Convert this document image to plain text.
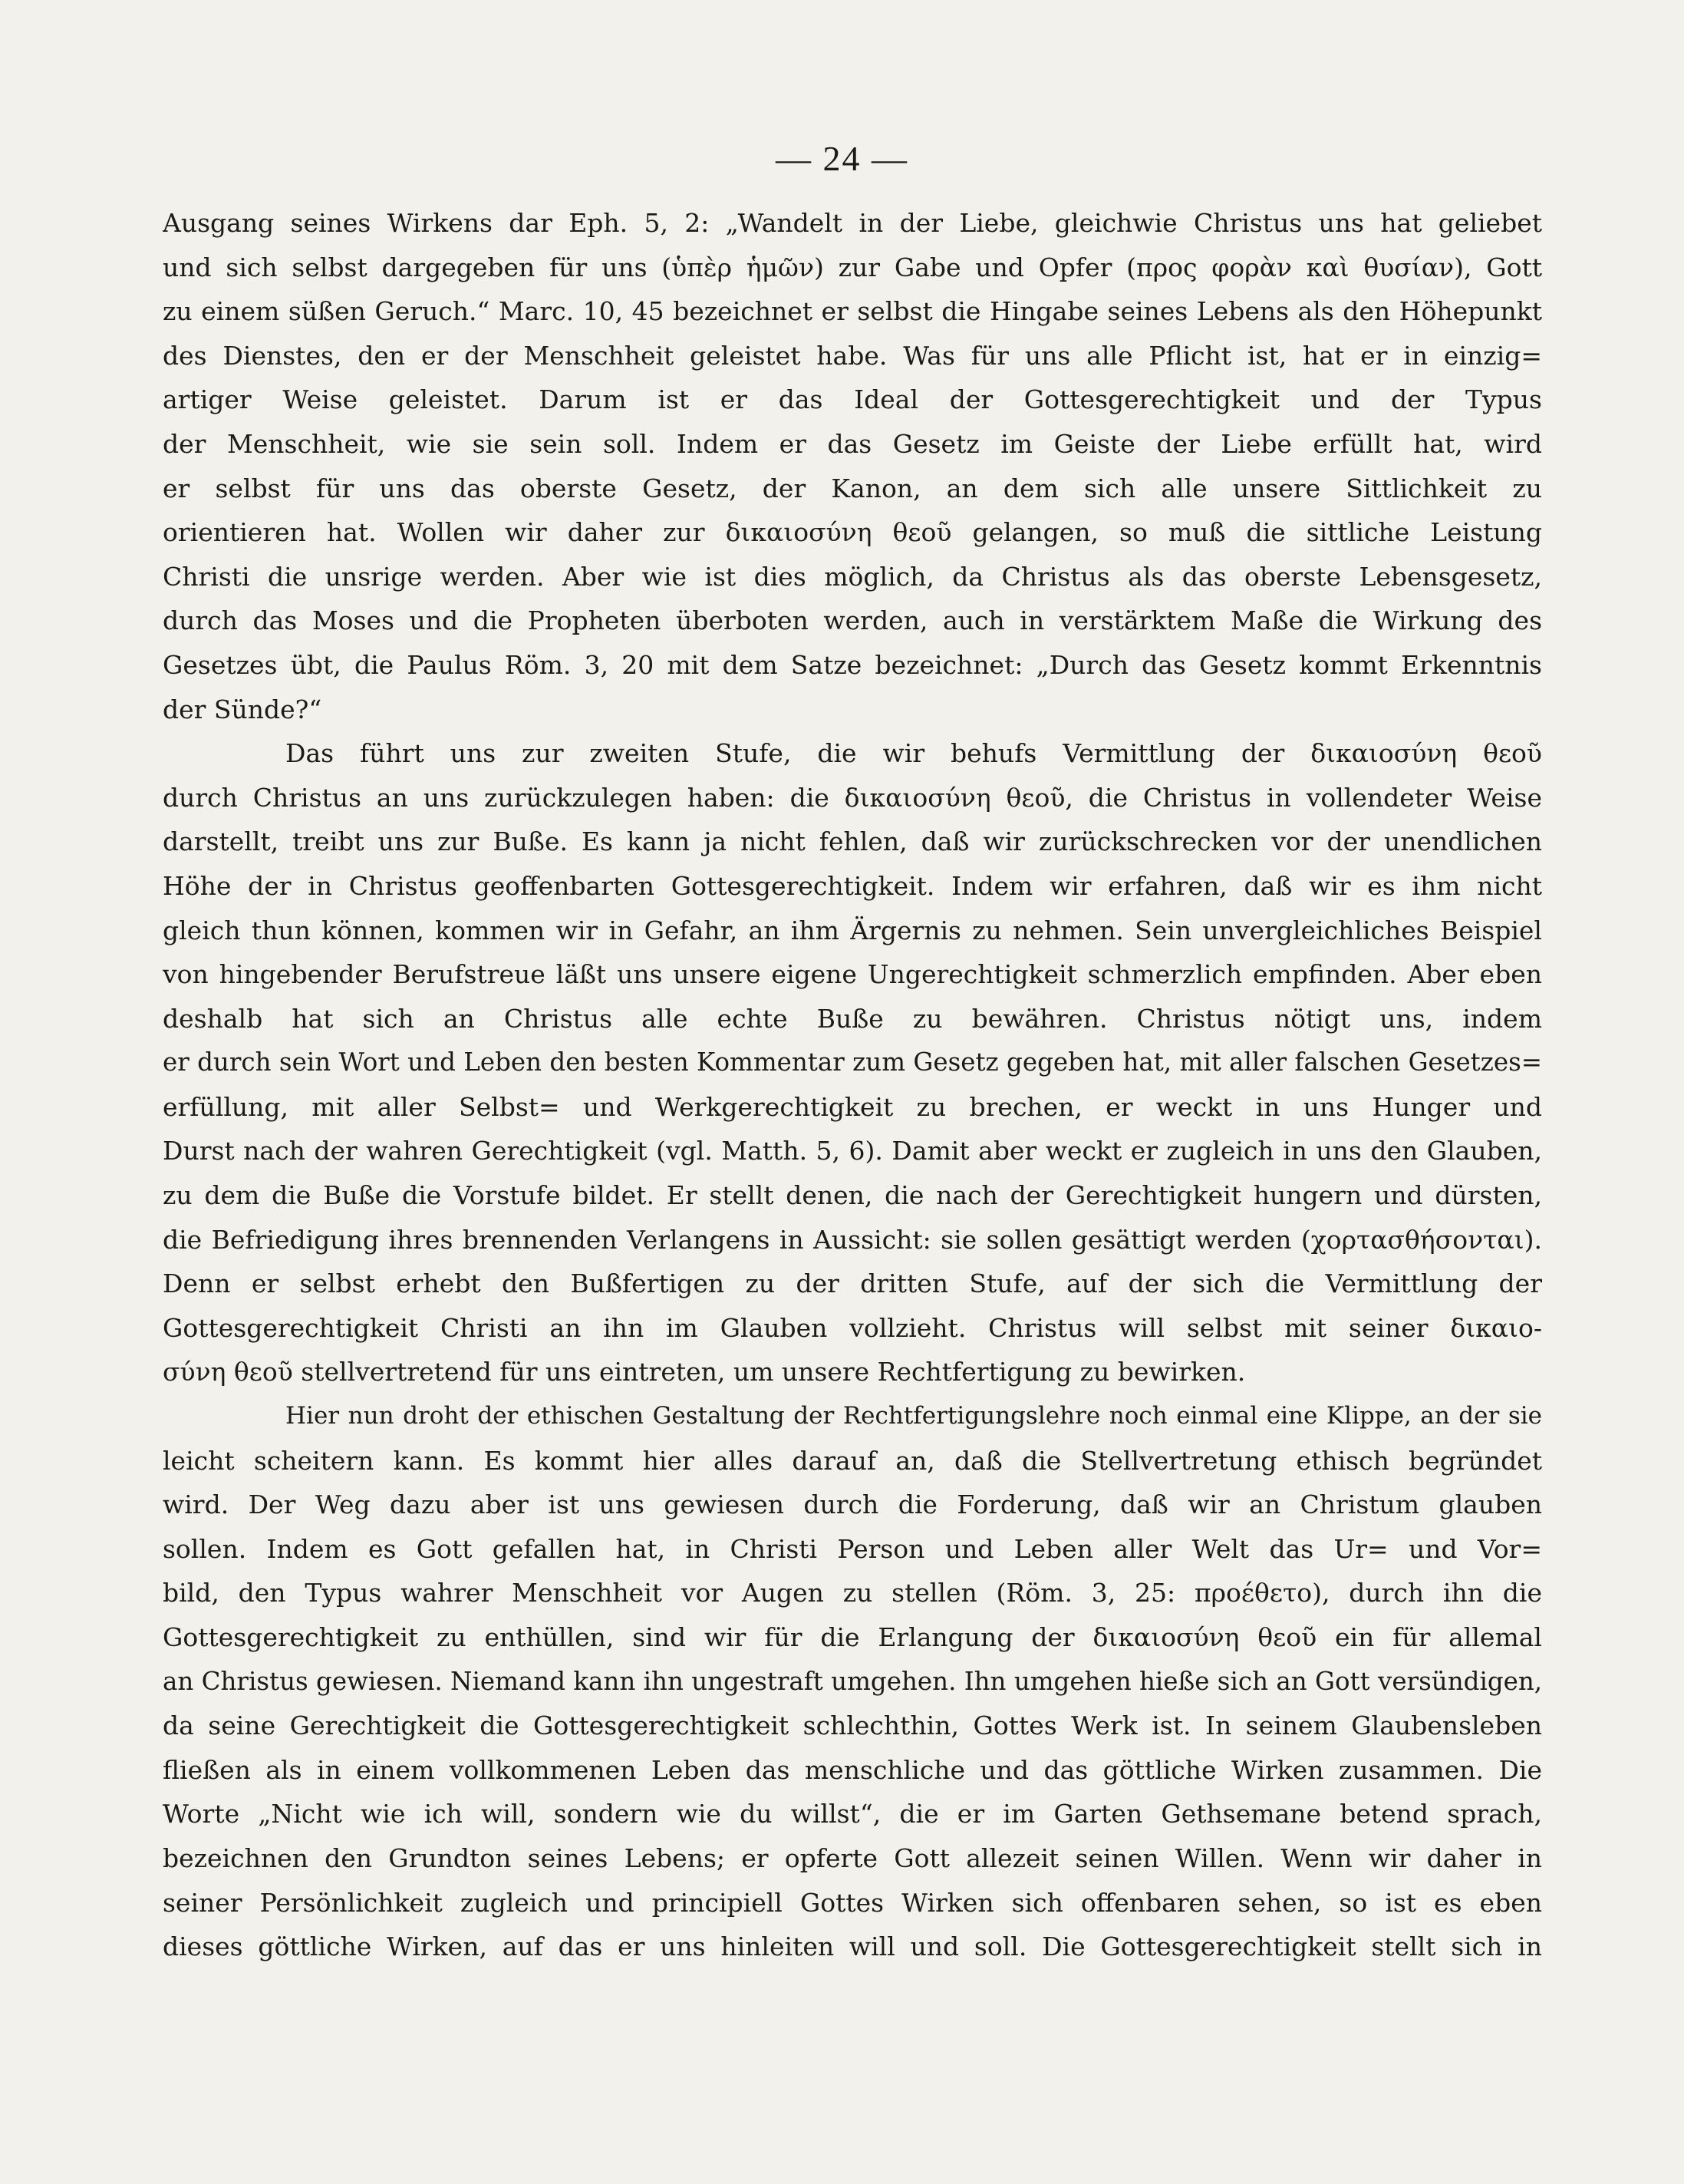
— 24 —
Ausgang seines Wirkens dar Eph. 5, 2: „Wandelt in der Liebe, gleichwie Christus uns hat geliebet
und sich selbst dargegeben für uns (ὑπὲρ ἡμῶν) zur Gabe und Opfer (προς φορὰν καὶ θυσίαν), Gott
zu einem süßen Geruch.“ Marc. 10, 45 bezeichnet er selbst die Hingabe seines Lebens als den Höhepunkt
des Dienstes, den er der Menschheit geleistet habe. Was für uns alle Pflicht ist, hat er in einzig=
artiger Weise geleistet. Darum ist er das Ideal der Gottesgerechtigkeit und der Typus
der Menschheit, wie sie sein soll. Indem er das Gesetz im Geiste der Liebe erfüllt hat, wird
er selbst für uns das oberste Gesetz, der Kanon, an dem sich alle unsere Sittlichkeit zu
orientieren hat. Wollen wir daher zur δικαιοσύνη θεοῦ gelangen, so muß die sittliche Leistung
Christi die unsrige werden. Aber wie ist dies möglich, da Christus als das oberste Lebensgesetz,
durch das Moses und die Propheten überboten werden, auch in verstärktem Maße die Wirkung des
Gesetzes übt, die Paulus Röm. 3, 20 mit dem Satze bezeichnet: „Durch das Gesetz kommt Erkenntnis
der Sünde?“
Das führt uns zur zweiten Stufe, die wir behufs Vermittlung der δικαιοσύνη θεοῦ
durch Christus an uns zurückzulegen haben: die δικαιοσύνη θεοῦ, die Christus in vollendeter Weise
darstellt, treibt uns zur Buße. Es kann ja nicht fehlen, daß wir zurückschrecken vor der unendlichen
Höhe der in Christus geoffenbarten Gottesgerechtigkeit. Indem wir erfahren, daß wir es ihm nicht
gleich thun können, kommen wir in Gefahr, an ihm Ärgernis zu nehmen. Sein unvergleichliches Beispiel
von hingebender Berufstreue läßt uns unsere eigene Ungerechtigkeit schmerzlich empfinden. Aber eben
deshalb hat sich an Christus alle echte Buße zu bewähren. Christus nötigt uns, indem
er durch sein Wort und Leben den besten Kommentar zum Gesetz gegeben hat, mit aller falschen Gesetzes=
erfüllung, mit aller Selbst= und Werkgerechtigkeit zu brechen, er weckt in uns Hunger und
Durst nach der wahren Gerechtigkeit (vgl. Matth. 5, 6). Damit aber weckt er zugleich in uns den Glauben,
zu dem die Buße die Vorstufe bildet. Er stellt denen, die nach der Gerechtigkeit hungern und dürsten,
die Befriedigung ihres brennenden Verlangens in Aussicht: sie sollen gesättigt werden (χορτασθήσονται).
Denn er selbst erhebt den Bußfertigen zu der dritten Stufe, auf der sich die Vermittlung der
Gottesgerechtigkeit Christi an ihn im Glauben vollzieht. Christus will selbst mit seiner δικαιο-
σύνη θεοῦ stellvertretend für uns eintreten, um unsere Rechtfertigung zu bewirken.
Hier nun droht der ethischen Gestaltung der Rechtfertigungslehre noch einmal eine Klippe, an der sie
leicht scheitern kann. Es kommt hier alles darauf an, daß die Stellvertretung ethisch begründet
wird. Der Weg dazu aber ist uns gewiesen durch die Forderung, daß wir an Christum glauben
sollen. Indem es Gott gefallen hat, in Christi Person und Leben aller Welt das Ur= und Vor=
bild, den Typus wahrer Menschheit vor Augen zu stellen (Röm. 3, 25: προέθετο), durch ihn die
Gottesgerechtigkeit zu enthüllen, sind wir für die Erlangung der δικαιοσύνη θεοῦ ein für allemal
an Christus gewiesen. Niemand kann ihn ungestraft umgehen. Ihn umgehen hieße sich an Gott versündigen,
da seine Gerechtigkeit die Gottesgerechtigkeit schlechthin, Gottes Werk ist. In seinem Glaubensleben
fließen als in einem vollkommenen Leben das menschliche und das göttliche Wirken zusammen. Die
Worte „Nicht wie ich will, sondern wie du willst“, die er im Garten Gethsemane betend sprach,
bezeichnen den Grundton seines Lebens; er opferte Gott allezeit seinen Willen. Wenn wir daher in
seiner Persönlichkeit zugleich und principiell Gottes Wirken sich offenbaren sehen, so ist es eben
dieses göttliche Wirken, auf das er uns hinleiten will und soll. Die Gottesgerechtigkeit stellt sich in
